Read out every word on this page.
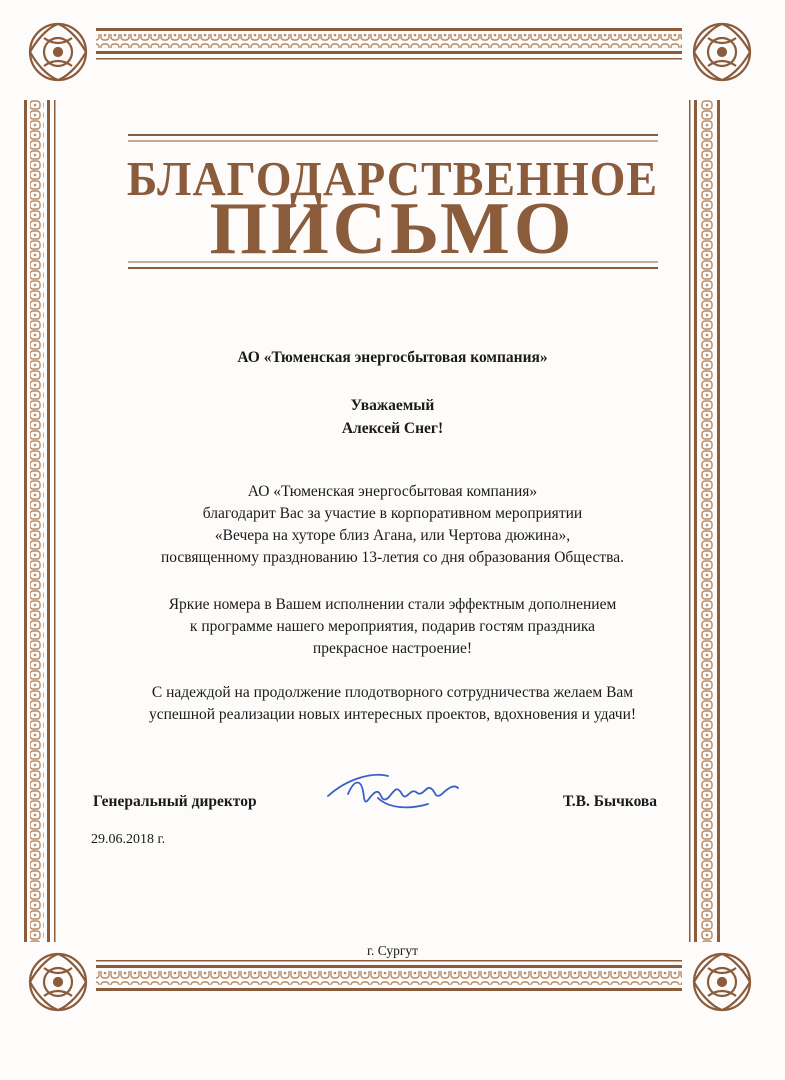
БЛАГОДАРСТВЕННОЕ
ПИСЬМО
АО «Тюменская энергосбытовая компания»
Уважаемый
Алексей Снег!
АО «Тюменская энергосбытовая компания»
благодарит Вас за участие в корпоративном мероприятии
«Вечера на хуторе близ Агана, или Чертова дюжина»,
посвященному празднованию 13-летия со дня образования Общества.
Яркие номера в Вашем исполнении стали эффектным дополнением
к программе нашего мероприятия, подарив гостям праздника
прекрасное настроение!
С надеждой на продолжение плодотворного сотрудничества желаем Вам
успешной реализации новых интересных проектов, вдохновения и удачи!
Генеральный директор	Т.В. Бычкова
29.06.2018 г.
г. Сургут
